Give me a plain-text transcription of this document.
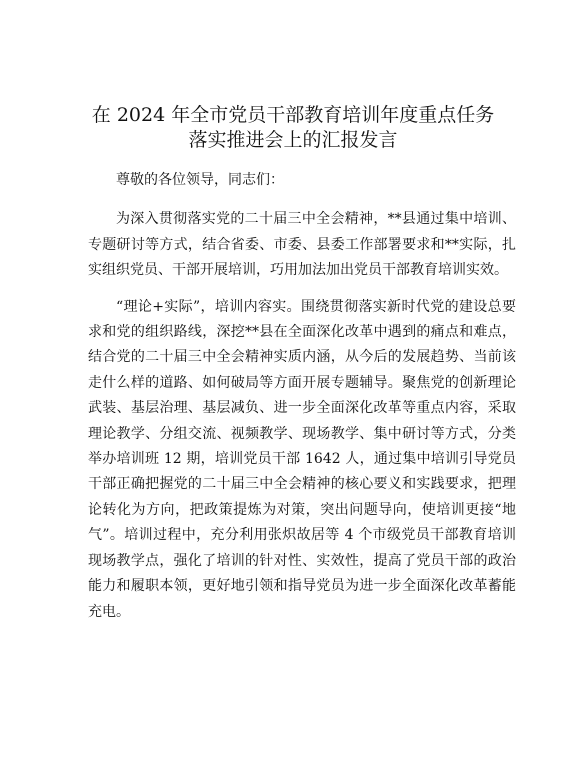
在 2024 年全市党员干部教育培训年度重点任务
落实推进会上的汇报发言

尊敬的各位领导，同志们：

为深入贯彻落实党的二十届三中全会精神，**县通过集中培训、专题研讨等方式，结合省委、市委、县委工作部署要求和**实际，扎实组织党员、干部开展培训，巧用加法加出党员干部教育培训实效。

“理论+实际”，培训内容实。围绕贯彻落实新时代党的建设总要求和党的组织路线，深挖**县在全面深化改革中遇到的痛点和难点，结合党的二十届三中全会精神实质内涵，从今后的发展趋势、当前该走什么样的道路、如何破局等方面开展专题辅导。聚焦党的创新理论武装、基层治理、基层减负、进一步全面深化改革等重点内容，采取理论教学、分组交流、视频教学、现场教学、集中研讨等方式，分类举办培训班 12 期，培训党员干部 1642 人，通过集中培训引导党员干部正确把握党的二十届三中全会精神的核心要义和实践要求，把理论转化为方向，把政策提炼为对策，突出问题导向，使培训更接“地气”。培训过程中，充分利用张炽故居等 4 个市级党员干部教育培训现场教学点，强化了培训的针对性、实效性，提高了党员干部的政治能力和履职本领，更好地引领和指导党员为进一步全面深化改革蓄能充电。
